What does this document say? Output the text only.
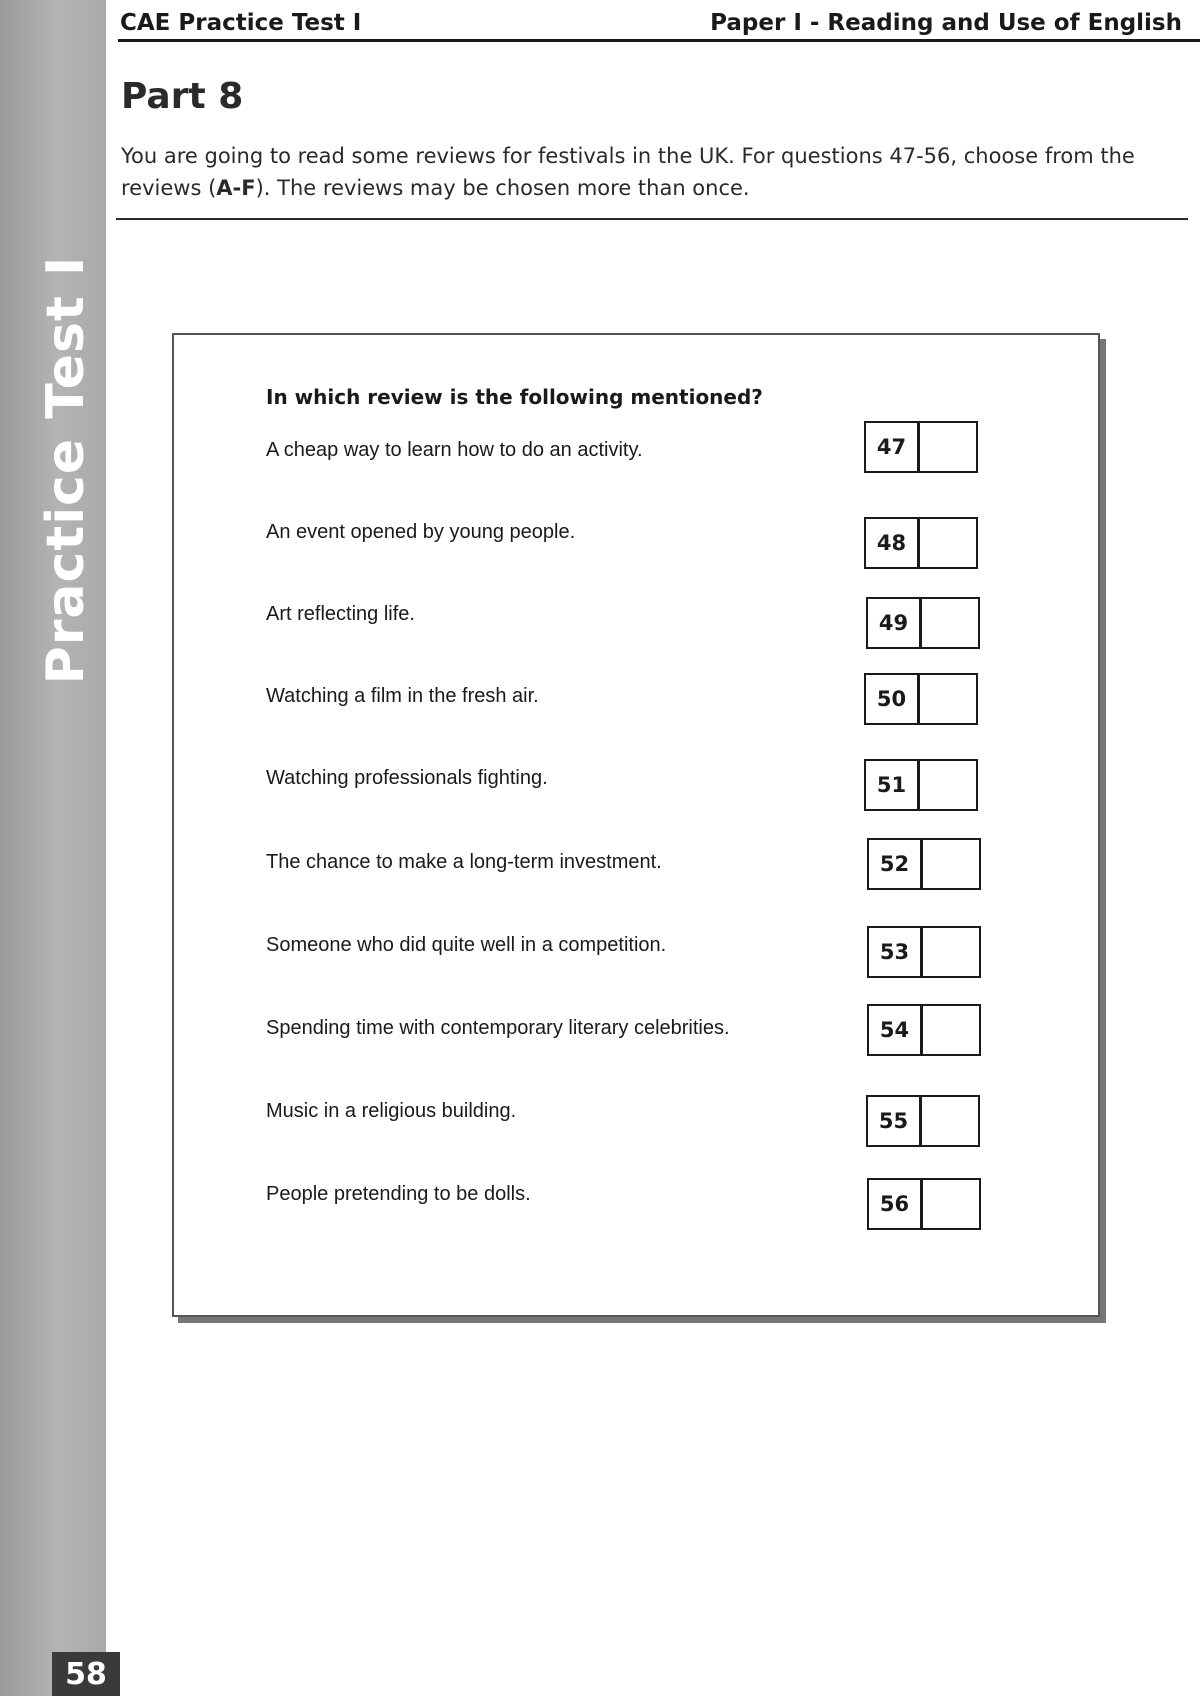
Practice Test I
58
CAE Practice Test I	Paper I - Reading and Use of English
Part 8
You are going to read some reviews for festivals in the UK. For questions 47-56, choose from the reviews (A-F). The reviews may be chosen more than once.
In which review is the following mentioned?
A cheap way to learn how to do an activity.	47
An event opened by young people.	48
Art reflecting life.	49
Watching a film in the fresh air.	50
Watching professionals fighting.	51
The chance to make a long-term investment.	52
Someone who did quite well in a competition.	53
Spending time with contemporary literary celebrities.	54
Music in a religious building.	55
People pretending to be dolls.	56
